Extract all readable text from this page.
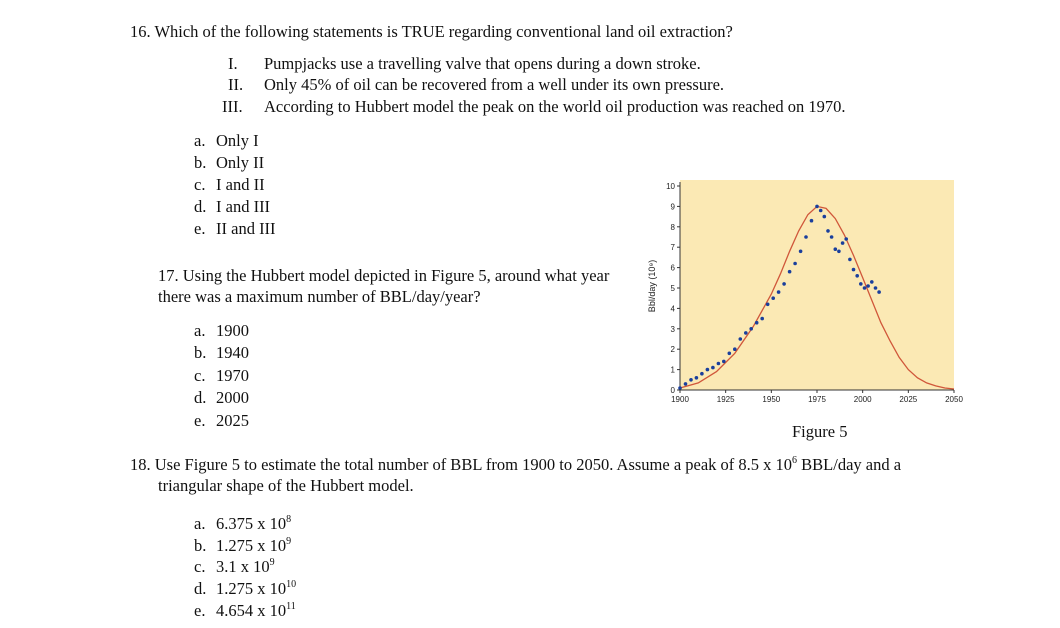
16. Which of the following statements is TRUE regarding conventional land oil extraction?
I. Pumpjacks use a travelling valve that opens during a down stroke.
II. Only 45% of oil can be recovered from a well under its own pressure.
III. According to Hubbert model the peak on the world oil production was reached on 1970.
a. Only I
b. Only II
c. I and II
d. I and III
e. II and III
17. Using the Hubbert model depicted in Figure 5, around what year
there was a maximum number of BBL/day/year?
a. 1900
b. 1940
c. 1970
d. 2000
e. 2025
Bbl/day (10⁹)
0
1
2
3
4
5
6
7
8
9
10
1900	1925	1950	1975	2000	2025	2050
Figure 5
18. Use Figure 5 to estimate the total number of BBL from 1900 to 2050. Assume a peak of 8.5 x $10^6$ BBL/day and a
triangular shape of the Hubbert model.
a. 6.375 x $10^8$
b. 1.275 x $10^9$
c. 3.1 x $10^9$
d. 1.275 x $10^{10}$
e. 4.654 x $10^{11}$
